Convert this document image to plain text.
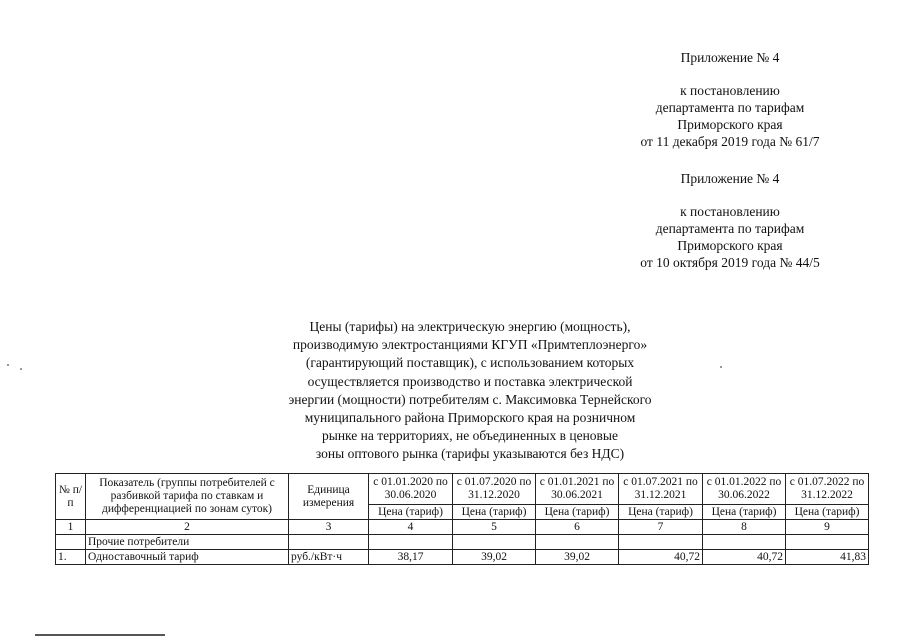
Приложение № 4
к постановлению
департамента по тарифам
Приморского края
от 11 декабря 2019 года № 61/7
Приложение № 4
к постановлению
департамента по тарифам
Приморского края
от 10 октября 2019 года № 44/5
Цены (тарифы) на электрическую энергию (мощность),
производимую электростанциями КГУП «Примтеплоэнерго»
(гарантирующий поставщик), с использованием которых
осуществляется производство и поставка электрической
энергии (мощности) потребителям с. Максимовка Тернейского
муниципального района Приморского края на розничном
рынке на территориях, не объединенных в ценовые
зоны оптового рынка (тарифы указываются без НДС)
№ п/п	Показатель (группы потребителей с разбивкой тарифа по ставкам и дифференциацией по зонам суток)	Единица измерения	с 01.01.2020 по 30.06.2020	с 01.07.2020 по 31.12.2020	с 01.01.2021 по 30.06.2021	с 01.07.2021 по 31.12.2021	с 01.01.2022 по 30.06.2022	с 01.07.2022 по 31.12.2022
			Цена (тариф)	Цена (тариф)	Цена (тариф)	Цена (тариф)	Цена (тариф)	Цена (тариф)
1	2	3	4	5	6	7	8	9
	Прочие потребители							
1.	Одноставочный тариф	руб./кВт·ч	38,17	39,02	39,02	40,72	40,72	41,83
